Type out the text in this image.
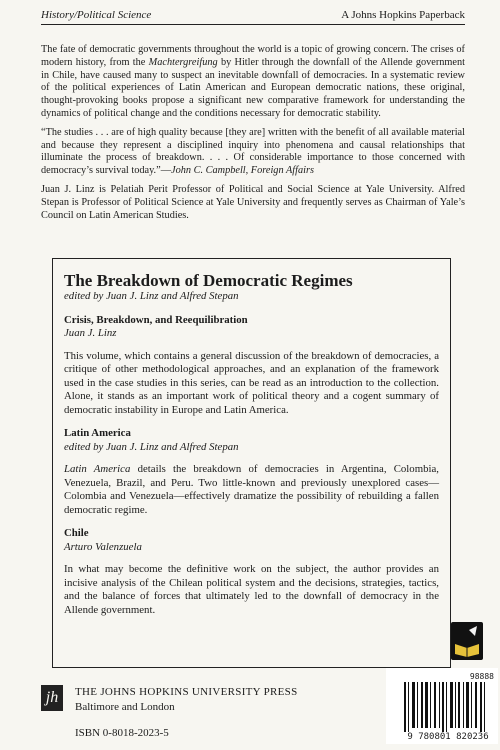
History/Political Science	A Johns Hopkins Paperback

The fate of democratic governments throughout the world is a topic of growing concern. The crises of modern history, from the Machtergreifung by Hitler through the downfall of the Allende government in Chile, have caused many to suspect an inevitable downfall of democracies. In a systematic review of the political experiences of Latin American and European democratic nations, these original, thought-provoking books propose a significant new comparative framework for understanding the dynamics of political change and the conditions necessary for democratic stability.

“The studies . . . are of high quality because [they are] written with the benefit of all available material and because they represent a disciplined inquiry into phenomena and causal relationships that illuminate the process of breakdown. . . . Of considerable importance to those concerned with democracy’s survival today.”—John C. Campbell, Foreign Affairs

Juan J. Linz is Pelatiah Perit Professor of Political and Social Science at Yale University. Alfred Stepan is Professor of Political Science at Yale University and frequently serves as Chairman of Yale’s Council on Latin American Studies.

The Breakdown of Democratic Regimes
edited by Juan J. Linz and Alfred Stepan
Crisis, Breakdown, and Reequilibration
Juan J. Linz

This volume, which contains a general discussion of the breakdown of democracies, a critique of other methodological approaches, and an explanation of the framework used in the case studies in this series, can be read as an introduction to the collection. Alone, it stands as an important work of political theory and a cogent summary of democratic instability in Europe and Latin America.

Latin America
edited by Juan J. Linz and Alfred Stepan

Latin America details the breakdown of democracies in Argentina, Colombia, Venezuela, Brazil, and Peru. Two little-known and previously unexplored cases—Colombia and Venezuela—effectively dramatize the possibility of rebuilding a fallen democratic regime.

Chile
Arturo Valenzuela

In what may become the definitive work on the subject, the author provides an incisive analysis of the Chilean political system and the decisions, strategies, tactics, and the balance of forces that ultimately led to the downfall of democracy in the Allende government.

jh	THE JOHNS HOPKINS UNIVERSITY PRESS
Baltimore and London
ISBN 0-8018-2023-5
98888
9 780801 820236
